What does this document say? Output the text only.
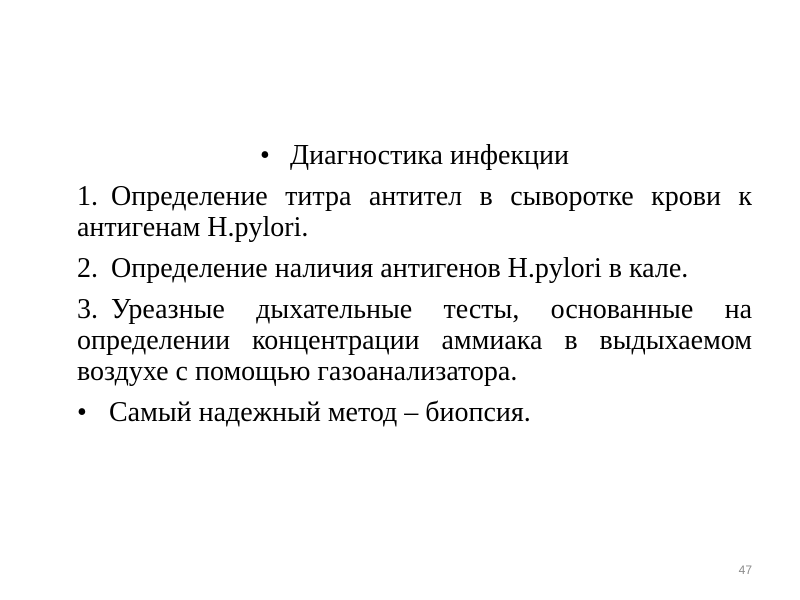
• Диагностика инфекции
1. Определение титра антител в сыворотке крови к антигенам H.pylori.
2. Определение наличия антигенов H.pylori в кале.
3. Уреазные дыхательные тесты, основанные на определении концентрации аммиака в выдыхаемом воздухе с помощью газоанализатора.
• Самый надежный метод – биопсия.
47
